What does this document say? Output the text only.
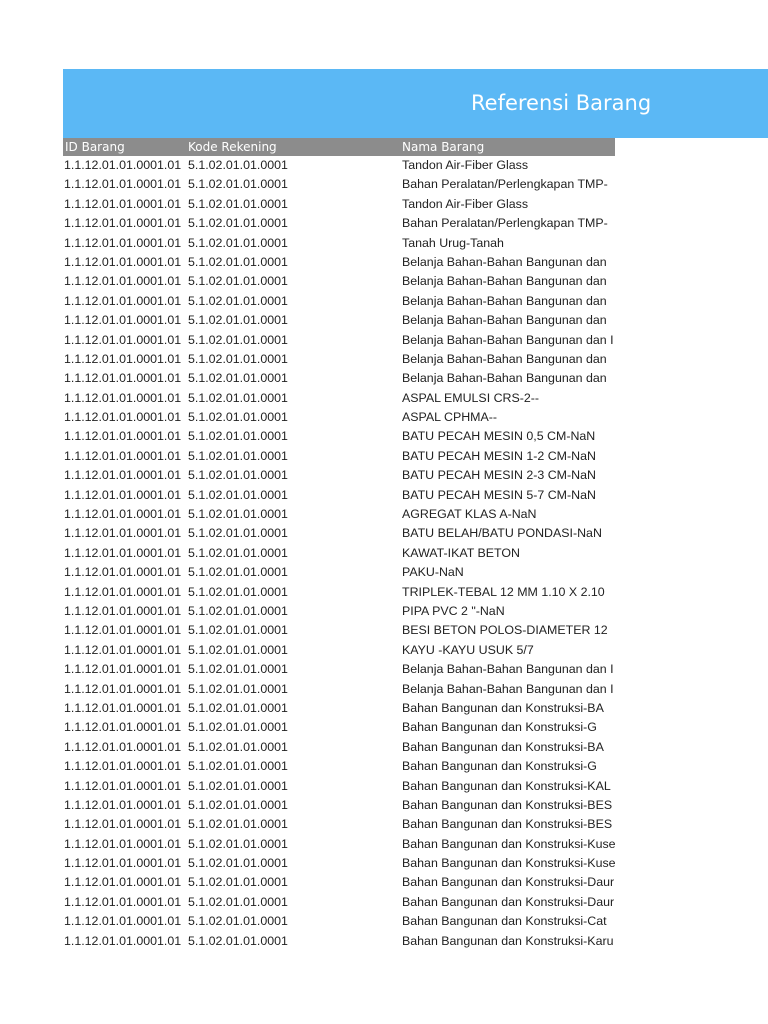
Referensi Barang
ID Barang	Kode Rekening	Nama Barang
1.1.12.01.01.0001.01 5.1.02.01.01.0001	Tandon Air-Fiber Glass
1.1.12.01.01.0001.01 5.1.02.01.01.0001	Bahan Peralatan/Perlengkapan TMP-
1.1.12.01.01.0001.01 5.1.02.01.01.0001	Tandon Air-Fiber Glass
1.1.12.01.01.0001.01 5.1.02.01.01.0001	Bahan Peralatan/Perlengkapan TMP-
1.1.12.01.01.0001.01 5.1.02.01.01.0001	Tanah Urug-Tanah
1.1.12.01.01.0001.01 5.1.02.01.01.0001	Belanja Bahan-Bahan Bangunan dan
1.1.12.01.01.0001.01 5.1.02.01.01.0001	Belanja Bahan-Bahan Bangunan dan
1.1.12.01.01.0001.01 5.1.02.01.01.0001	Belanja Bahan-Bahan Bangunan dan
1.1.12.01.01.0001.01 5.1.02.01.01.0001	Belanja Bahan-Bahan Bangunan dan
1.1.12.01.01.0001.01 5.1.02.01.01.0001	Belanja Bahan-Bahan Bangunan dan I
1.1.12.01.01.0001.01 5.1.02.01.01.0001	Belanja Bahan-Bahan Bangunan dan
1.1.12.01.01.0001.01 5.1.02.01.01.0001	Belanja Bahan-Bahan Bangunan dan
1.1.12.01.01.0001.01 5.1.02.01.01.0001	ASPAL EMULSI CRS-2--
1.1.12.01.01.0001.01 5.1.02.01.01.0001	ASPAL CPHMA--
1.1.12.01.01.0001.01 5.1.02.01.01.0001	BATU PECAH MESIN 0,5 CM-NaN
1.1.12.01.01.0001.01 5.1.02.01.01.0001	BATU PECAH MESIN 1-2 CM-NaN
1.1.12.01.01.0001.01 5.1.02.01.01.0001	BATU PECAH MESIN 2-3 CM-NaN
1.1.12.01.01.0001.01 5.1.02.01.01.0001	BATU PECAH MESIN 5-7 CM-NaN
1.1.12.01.01.0001.01 5.1.02.01.01.0001	AGREGAT KLAS A-NaN
1.1.12.01.01.0001.01 5.1.02.01.01.0001	BATU BELAH/BATU PONDASI-NaN
1.1.12.01.01.0001.01 5.1.02.01.01.0001	KAWAT-IKAT BETON
1.1.12.01.01.0001.01 5.1.02.01.01.0001	PAKU-NaN
1.1.12.01.01.0001.01 5.1.02.01.01.0001	TRIPLEK-TEBAL 12 MM 1.10 X 2.10
1.1.12.01.01.0001.01 5.1.02.01.01.0001	PIPA PVC 2 "-NaN
1.1.12.01.01.0001.01 5.1.02.01.01.0001	BESI BETON POLOS-DIAMETER 12
1.1.12.01.01.0001.01 5.1.02.01.01.0001	KAYU -KAYU USUK 5/7
1.1.12.01.01.0001.01 5.1.02.01.01.0001	Belanja Bahan-Bahan Bangunan dan I
1.1.12.01.01.0001.01 5.1.02.01.01.0001	Belanja Bahan-Bahan Bangunan dan I
1.1.12.01.01.0001.01 5.1.02.01.01.0001	Bahan Bangunan dan Konstruksi-BA
1.1.12.01.01.0001.01 5.1.02.01.01.0001	Bahan Bangunan dan Konstruksi-G
1.1.12.01.01.0001.01 5.1.02.01.01.0001	Bahan Bangunan dan Konstruksi-BA
1.1.12.01.01.0001.01 5.1.02.01.01.0001	Bahan Bangunan dan Konstruksi-G
1.1.12.01.01.0001.01 5.1.02.01.01.0001	Bahan Bangunan dan Konstruksi-KAL
1.1.12.01.01.0001.01 5.1.02.01.01.0001	Bahan Bangunan dan Konstruksi-BES
1.1.12.01.01.0001.01 5.1.02.01.01.0001	Bahan Bangunan dan Konstruksi-BES
1.1.12.01.01.0001.01 5.1.02.01.01.0001	Bahan Bangunan dan Konstruksi-Kuse
1.1.12.01.01.0001.01 5.1.02.01.01.0001	Bahan Bangunan dan Konstruksi-Kuse
1.1.12.01.01.0001.01 5.1.02.01.01.0001	Bahan Bangunan dan Konstruksi-Daur
1.1.12.01.01.0001.01 5.1.02.01.01.0001	Bahan Bangunan dan Konstruksi-Daur
1.1.12.01.01.0001.01 5.1.02.01.01.0001	Bahan Bangunan dan Konstruksi-Cat
1.1.12.01.01.0001.01 5.1.02.01.01.0001	Bahan Bangunan dan Konstruksi-Karu
